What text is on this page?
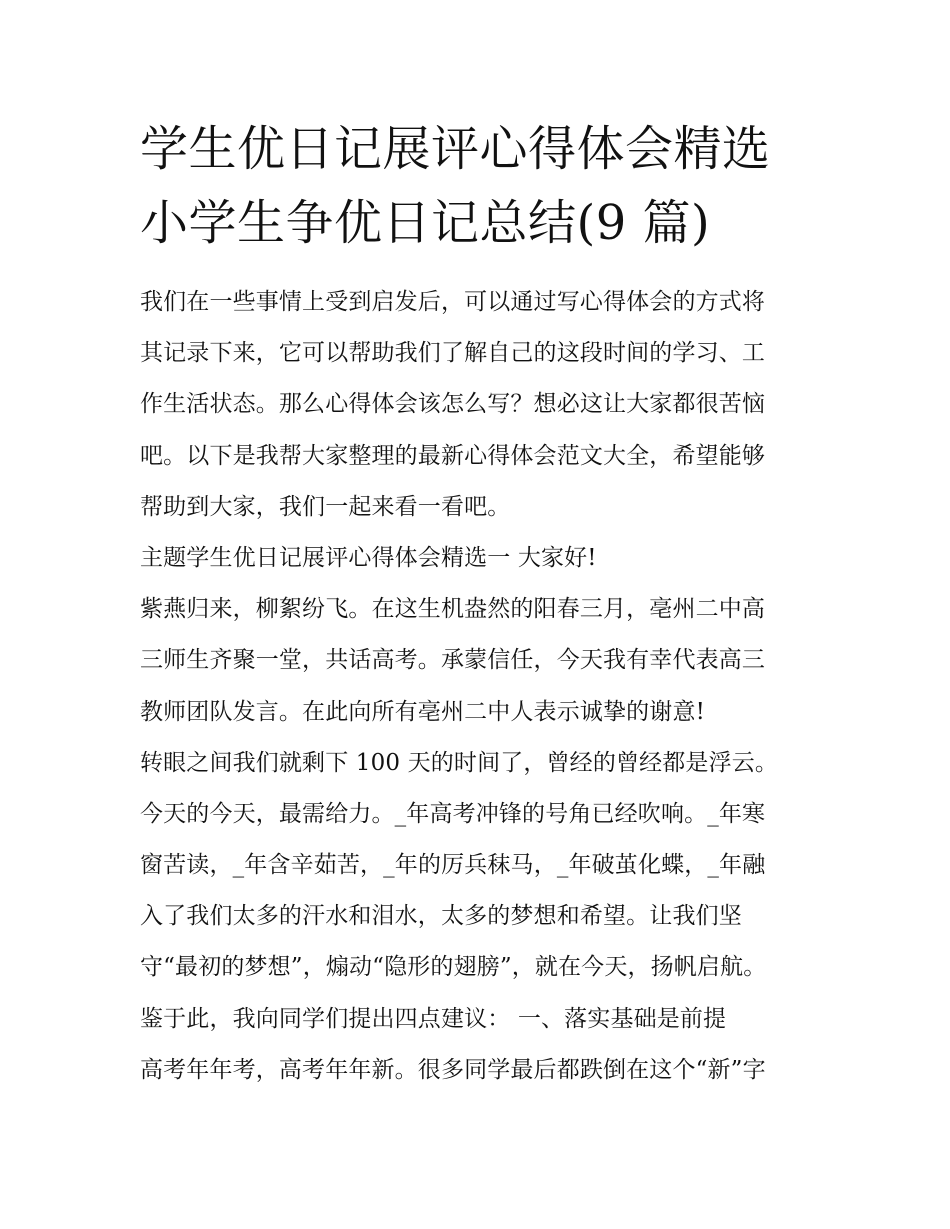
学生优日记展评心得体会精选
小学生争优日记总结(9 篇)
我们在一些事情上受到启发后，可以通过写心得体会的方式将
其记录下来，它可以帮助我们了解自己的这段时间的学习、工
作生活状态。那么心得体会该怎么写？想必这让大家都很苦恼
吧。以下是我帮大家整理的最新心得体会范文大全，希望能够
帮助到大家，我们一起来看一看吧。
主题学生优日记展评心得体会精选一 大家好!
紫燕归来，柳絮纷飞。在这生机盎然的阳春三月，亳州二中高
三师生齐聚一堂，共话高考。承蒙信任，今天我有幸代表高三
教师团队发言。在此向所有亳州二中人表示诚挚的谢意!
转眼之间我们就剩下 100 天的时间了，曾经的曾经都是浮云。
今天的今天，最需给力。_年高考冲锋的号角已经吹响。_年寒
窗苦读，_年含辛茹苦，_年的厉兵秣马，_年破茧化蝶，_年融
入了我们太多的汗水和泪水，太多的梦想和希望。让我们坚
守“最初的梦想”，煽动“隐形的翅膀”，就在今天，扬帆启航。
鉴于此，我向同学们提出四点建议： 一、落实基础是前提
高考年年考，高考年年新。很多同学最后都跌倒在这个“新”字
